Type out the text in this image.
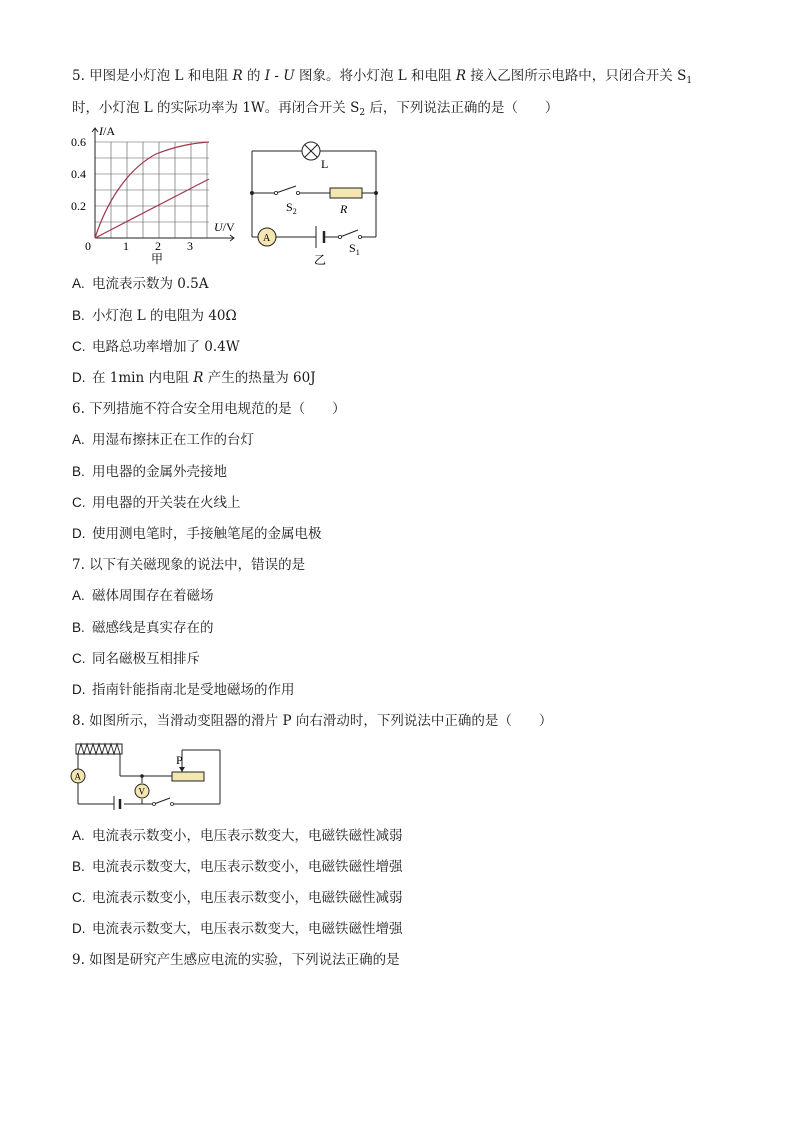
5. 甲图是小灯泡 L 和电阻 R 的 I - U 图象。将小灯泡 L 和电阻 R 接入乙图所示电路中，只闭合开关 $S_1$
时，小灯泡 L 的实际功率为 1W。再闭合开关 $S_2$ 后，下列说法正确的是（　　）
I/A
0.6
0.4
0.2
0	1 2 3
U/V
甲
L
$S_2$	R
A
$S_1$
乙
A. 电流表示数为 0.5A
B. 小灯泡 L 的电阻为 40Ω
C. 电路总功率增加了 0.4W
D. 在 1min 内电阻 R 产生的热量为 60J
6. 下列措施不符合安全用电规范的是（　　）
A. 用湿布擦抹正在工作的台灯
B. 用电器的金属外壳接地
C. 用电器的开关装在火线上
D. 使用测电笔时，手接触笔尾的金属电极
7. 以下有关磁现象的说法中，错误的是
A. 磁体周围存在着磁场
B. 磁感线是真实存在的
C. 同名磁极互相排斥
D. 指南针能指南北是受地磁场的作用
8. 如图所示，当滑动变阻器的滑片 P 向右滑动时，下列说法中正确的是（　　）
P
A
V
A. 电流表示数变小，电压表示数变大，电磁铁磁性减弱
B. 电流表示数变大，电压表示数变小，电磁铁磁性增强
C. 电流表示数变小，电压表示数变小，电磁铁磁性减弱
D. 电流表示数变大，电压表示数变大，电磁铁磁性增强
9. 如图是研究产生感应电流的实验，下列说法正确的是
